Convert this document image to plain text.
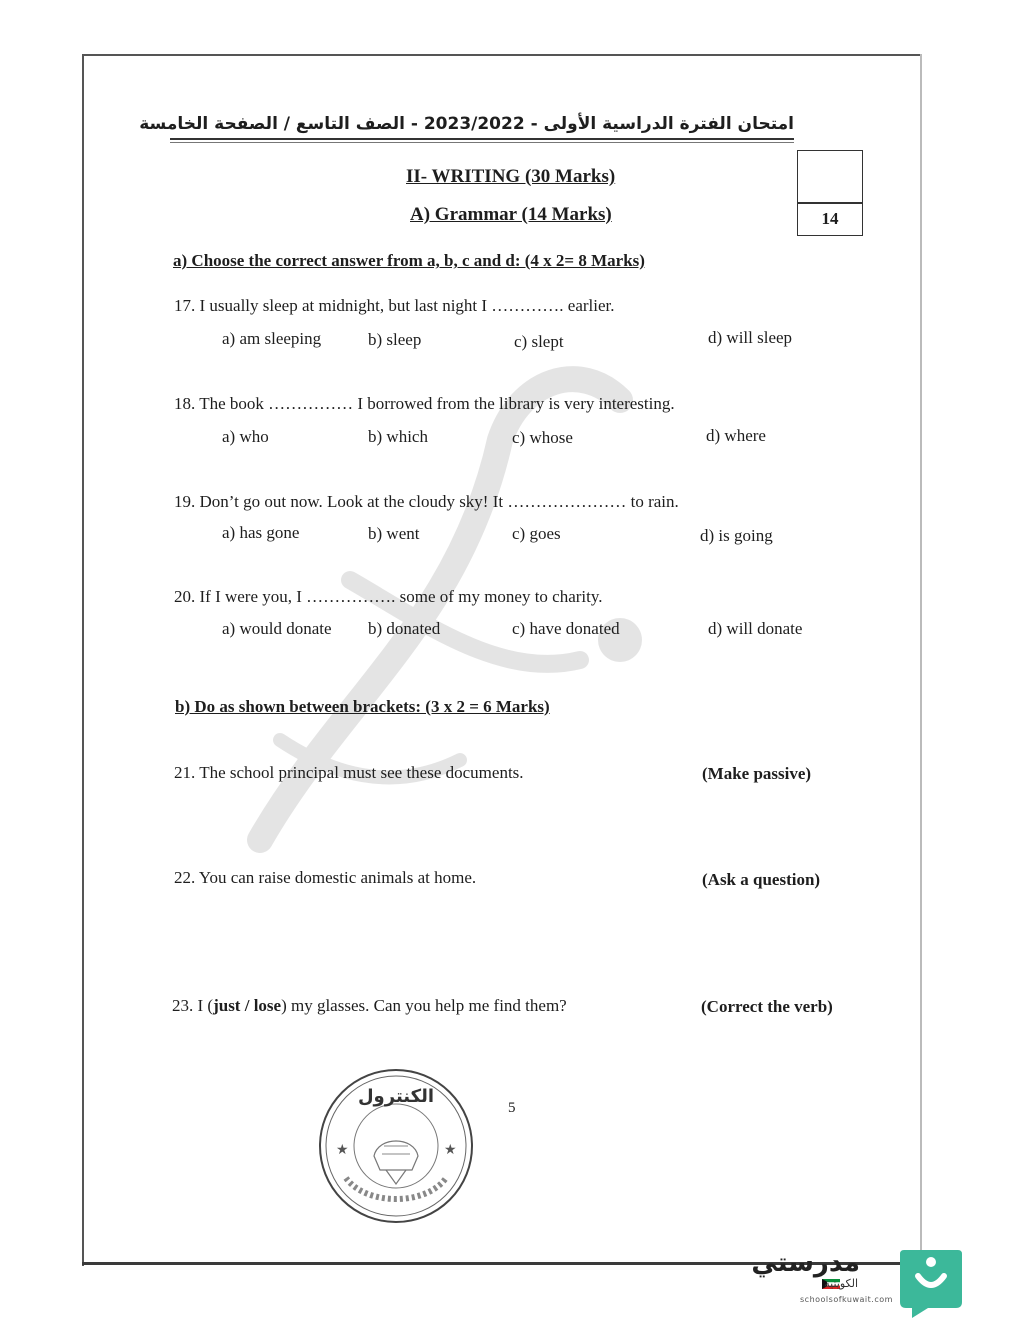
امتحان الفترة الدراسية الأولى - 2023/2022 - الصف التاسع / الصفحة الخامسة
II- WRITING (30 Marks)
A) Grammar (14 Marks)	14
a) Choose the correct answer from a, b, c and d: (4 x 2= 8 Marks)
17. I usually sleep at midnight, but last night I …………. earlier.
a) am sleeping	b) sleep	c) slept	d) will sleep
18. The book …………… I borrowed from the library is very interesting.
a) who	b) which	c) whose	d) where
19. Don’t go out now. Look at the cloudy sky! It ………………… to rain.
a) has gone	b) went	c) goes	d) is going
20. If I were you, I ……………. some of my money to charity.
a) would donate b) donated	c) have donated	d) will donate
b) Do as shown between brackets: (3 x 2 = 6 Marks)
21. The school principal must see these documents.	(Make passive)
22. You can raise domestic animals at home.	(Ask a question)
23. I (just / lose) my glasses. Can you help me find them?	(Correct the verb)
الكنترول
★	★
5
مدرستي
الكويتية
schoolsofkuwait.com
